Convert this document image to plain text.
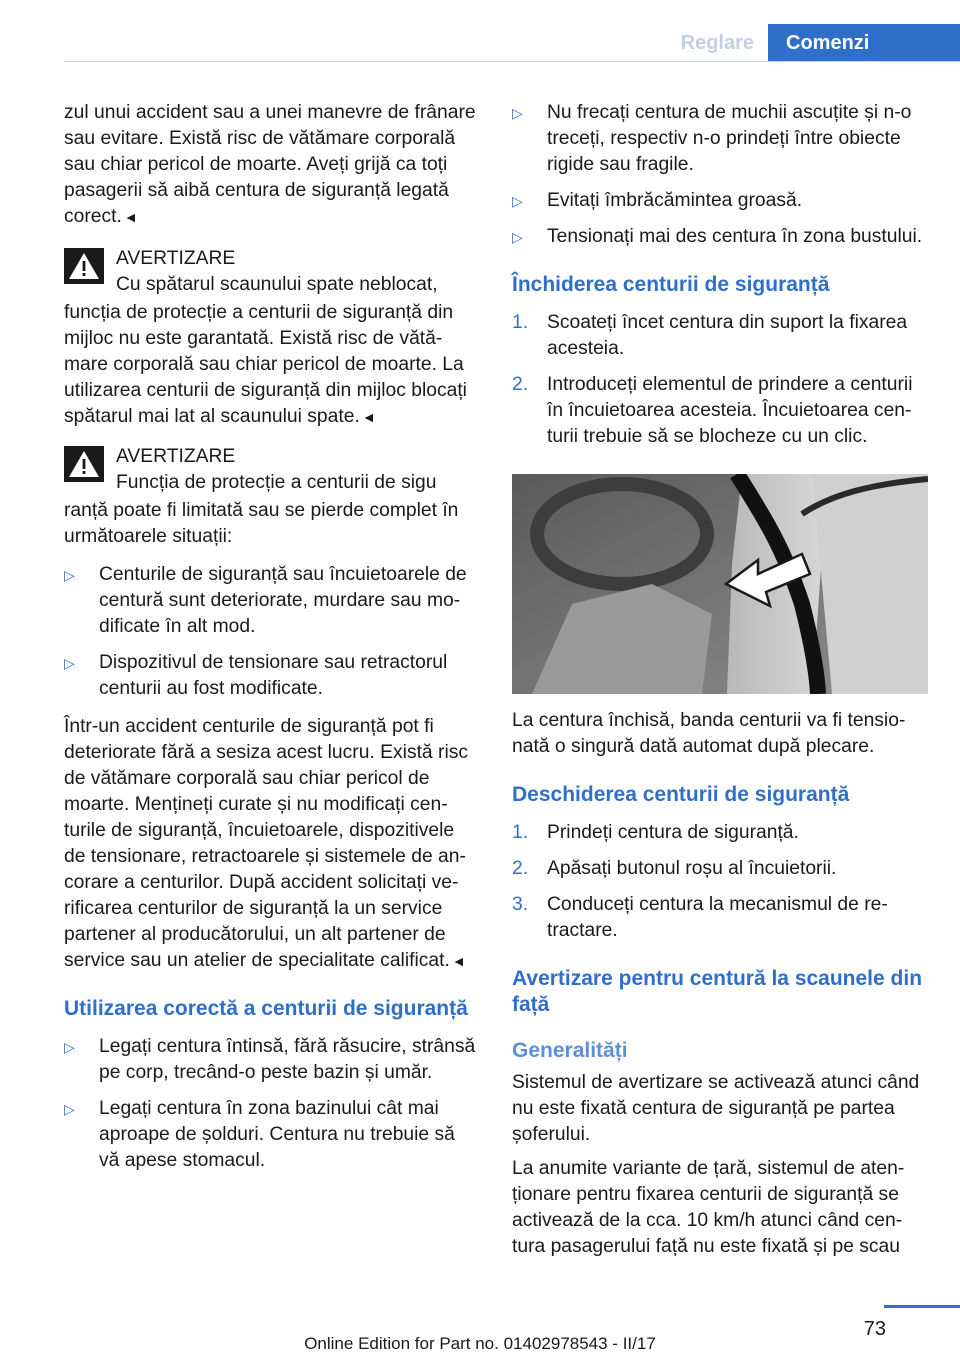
Reglare	Comenzi

zul unui accident sau a unei manevre de frânare sau evitare. Există risc de vătămare corporală sau chiar pericol de moarte. Aveți grijă ca toți pasagerii să aibă centura de siguranță legată corect. ◄

AVERTIZARE
Cu spătarul scaunului spate neblocat,
funcția de protecție a centurii de siguranță din mijloc nu este garantată. Există risc de vătămare corporală sau chiar pericol de moarte. La utilizarea centurii de siguranță din mijloc blocați spătarul mai lat al scaunului spate. ◄
AVERTIZARE
Funcția de protecție a centurii de sigu
ranță poate fi limitată sau se pierde complet în următoarele situații:
▷ Centurile de siguranță sau încuietoarele de centură sunt deteriorate, murdare sau modificate în alt mod.
▷ Dispozitivul de tensionare sau retractorul centurii au fost modificate.
Într-un accident centurile de siguranță pot fi deteriorate fără a sesiza acest lucru. Există risc de vătămare corporală sau chiar pericol de moarte. Mențineți curate și nu modificați centurile de siguranță, încuietoarele, dispozitivele de tensionare, retractoarele și sistemele de ancorare a centurilor. După accident solicitați verificarea centurilor de siguranță la un service partener al producătorului, un alt partener de service sau un atelier de specialitate calificat. ◄
Utilizarea corectă a centurii de siguranță
▷ Legați centura întinsă, fără răsucire, strânsă pe corp, trecând-o peste bazin și umăr.
▷ Legați centura în zona bazinului cât mai aproape de șolduri. Centura nu trebuie să vă apese stomacul.
▷ Nu frecați centura de muchii ascuțite și n-o treceți, respectiv n-o prindeți între obiecte rigide sau fragile.
▷ Evitați îmbrăcămintea groasă.
▷ Tensionați mai des centura în zona bustului.
Închiderea centurii de siguranță
1. Scoateți încet centura din suport la fixarea acesteia.
2. Introduceți elementul de prindere a centurii în încuietoarea acesteia. Încuietoarea centurii trebuie să se blocheze cu un clic.

La centura închisă, banda centurii va fi tensionată o singură dată automat după plecare.

Deschiderea centurii de siguranță
1. Prindeți centura de siguranță.
2. Apăsați butonul roșu al încuietorii.
3. Conduceți centura la mecanismul de retractare.
Avertizare pentru centură la scaunele din față
Generalități

Sistemul de avertizare se activează atunci când nu este fixată centura de siguranță pe partea șoferului.

La anumite variante de țară, sistemul de atenționare pentru fixarea centurii de siguranță se activează de la cca. 10 km/h atunci când centura pasagerului față nu este fixată și pe scau

73
Online Edition for Part no. 01402978543 - II/17
